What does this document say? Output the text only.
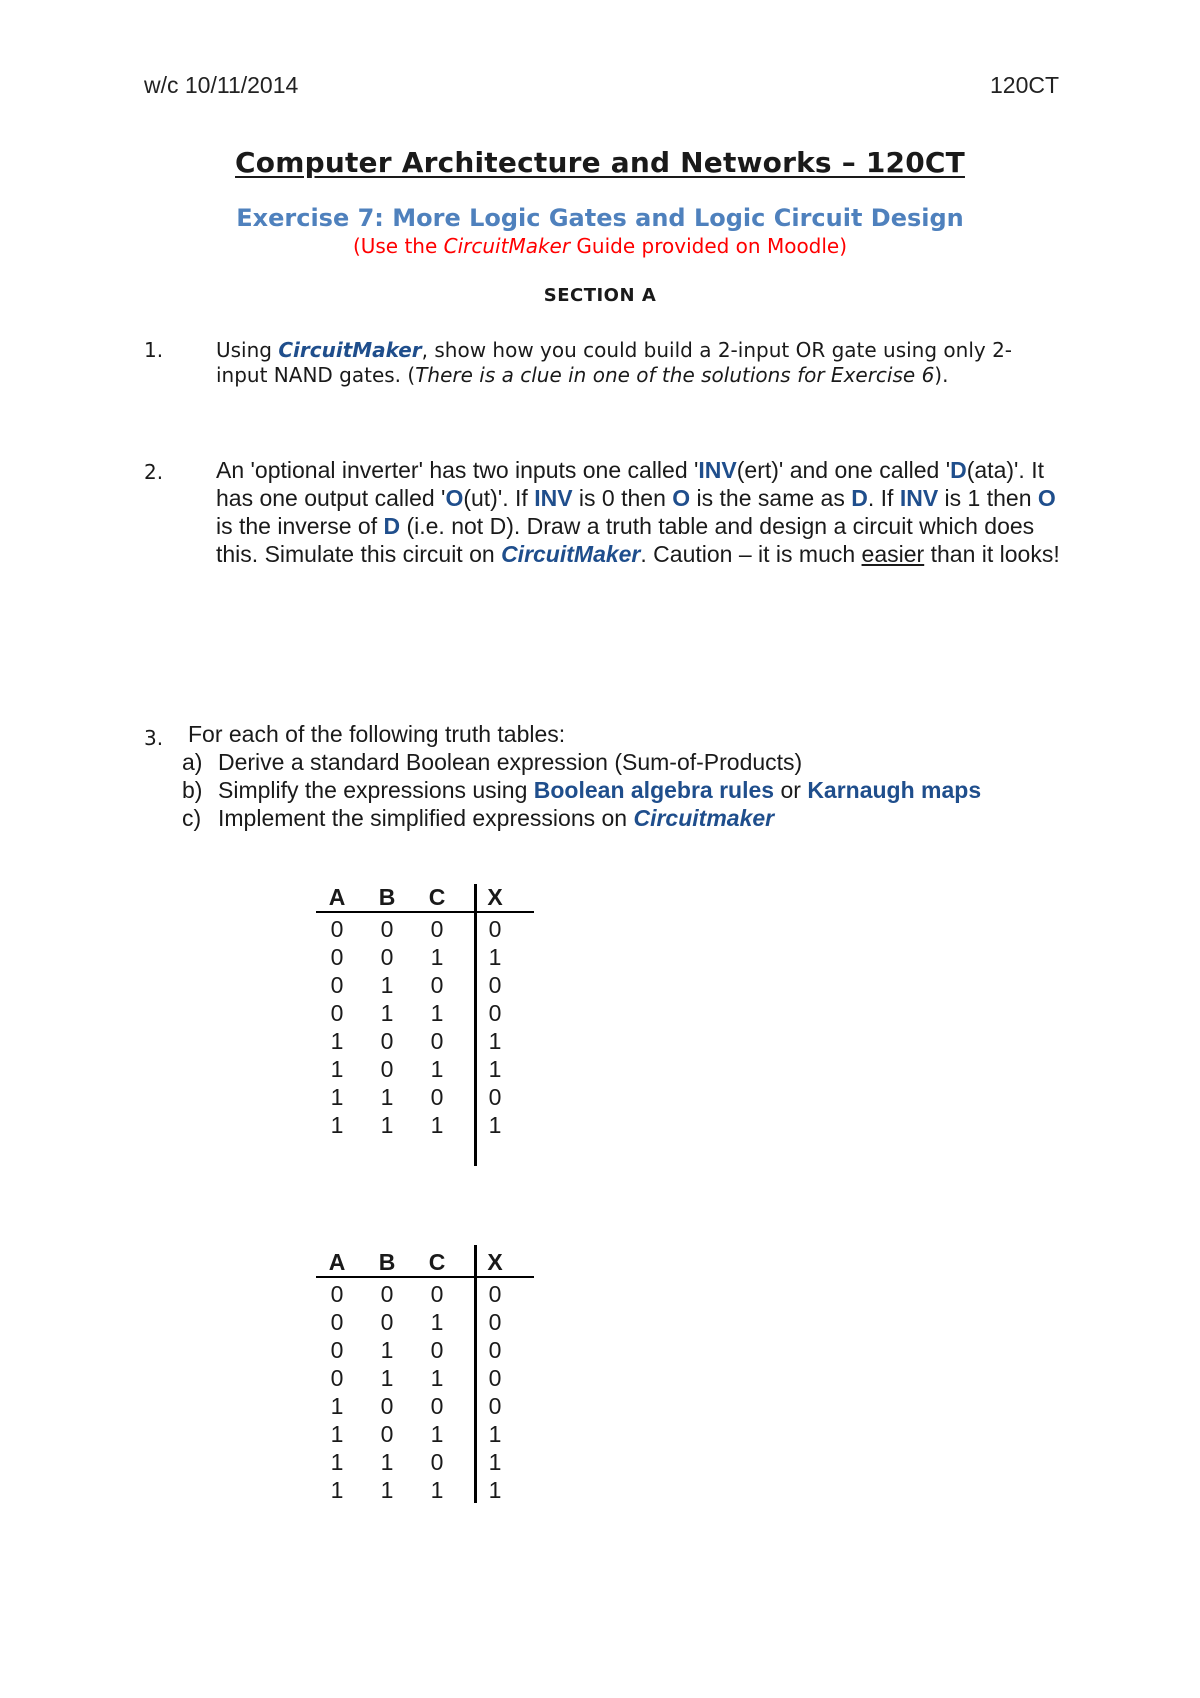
w/c 10/11/2014	120CT
Computer Architecture and Networks – 120CT
Exercise 7: More Logic Gates and Logic Circuit Design
(Use the CircuitMaker Guide provided on Moodle)
SECTION A
1.	Using CircuitMaker, show how you could build a 2-input OR gate using only 2-input NAND gates. (There is a clue in one of the solutions for Exercise 6).
2. An 'optional inverter' has two inputs one called 'INV(ert)' and one called 'D(ata)'. It has one output called 'O(ut)'. If INV is 0 then O is the same as D. If INV is 1 then O is the inverse of D (i.e. not D). Draw a truth table and design a circuit which does this. Simulate this circuit on CircuitMaker. Caution – it is much easier than it looks!
3. For each of the following truth tables:
a) Derive a standard Boolean expression (Sum-of-Products)
b) Simplify the expressions using Boolean algebra rules or Karnaugh maps
c) Implement the simplified expressions on Circuitmaker
A B C	X
0	0	0	0
0	0	1	1
0	1	0	0
0	1	1	0
1	0	0	1
1	0	1	1
1	1	0	0
1	1	1	1
A B C	X
0	0	0	0
0	0	1	0
0	1	0	0
0	1	1	0
1	0	0	0
1	0	1	1
1	1	0	1
1	1	1	1
